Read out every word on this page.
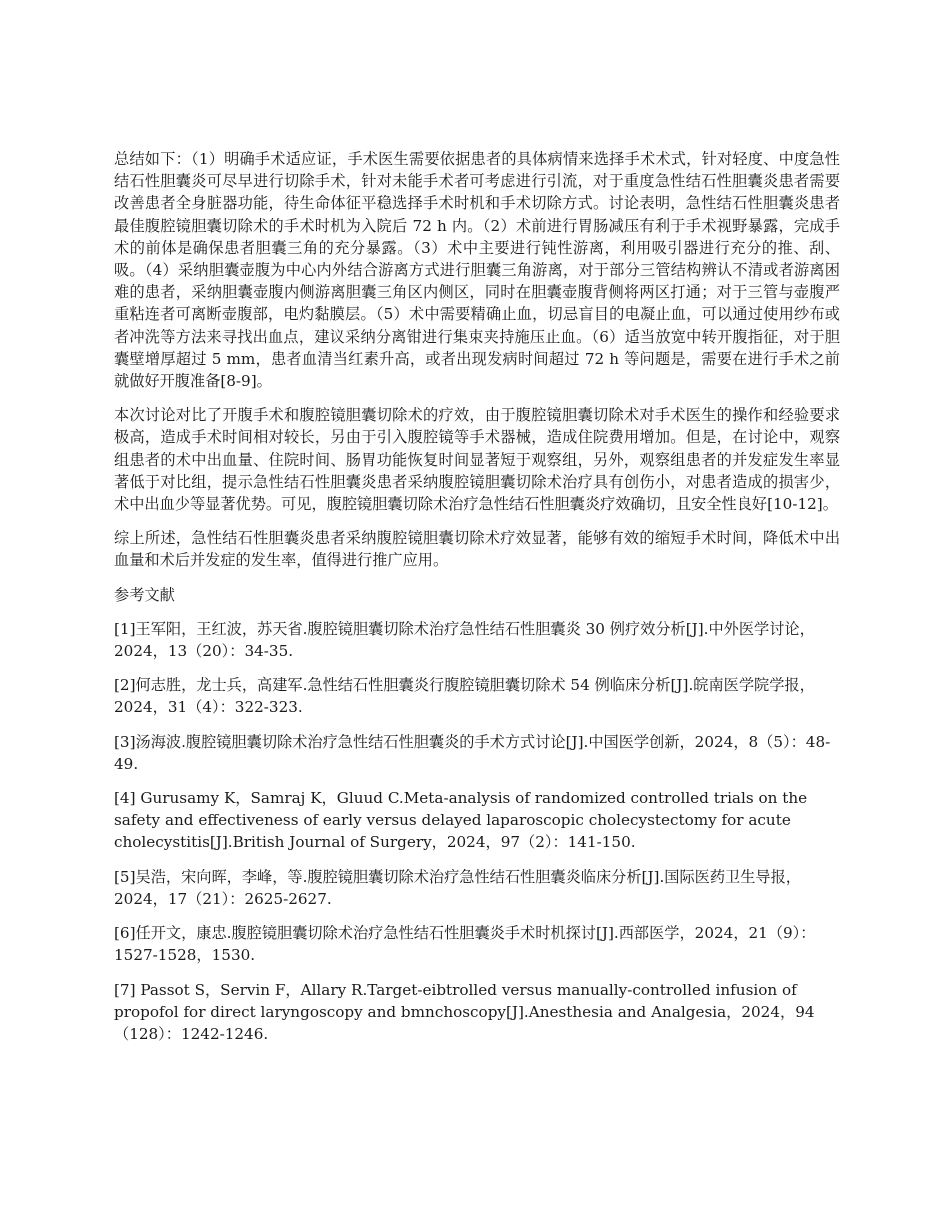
总结如下：（1）明确手术适应证，手术医生需要依据患者的具体病情来选择手术术式，针对轻度、中度急性结石性胆囊炎可尽早进行切除手术，针对未能手术者可考虑进行引流，对于重度急性结石性胆囊炎患者需要改善患者全身脏器功能，待生命体征平稳选择手术时机和手术切除方式。讨论表明，急性结石性胆囊炎患者最佳腹腔镜胆囊切除术的手术时机为入院后 72 h 内。（2）术前进行胃肠减压有利于手术视野暴露，完成手术的前体是确保患者胆囊三角的充分暴露。（3）术中主要进行钝性游离，利用吸引器进行充分的推、刮、吸。（4）采纳胆囊壶腹为中心内外结合游离方式进行胆囊三角游离，对于部分三管结构辨认不清或者游离困难的患者，采纳胆囊壶腹内侧游离胆囊三角区内侧区，同时在胆囊壶腹背侧将两区打通；对于三管与壶腹严重粘连者可离断壶腹部，电灼黏膜层。（5）术中需要精确止血，切忌盲目的电凝止血，可以通过使用纱布或者冲洗等方法来寻找出血点，建议采纳分离钳进行集束夹持施压止血。（6）适当放宽中转开腹指征，对于胆囊壁增厚超过 5 mm，患者血清当红素升高，或者出现发病时间超过 72 h 等问题是，需要在进行手术之前就做好开腹准备[8-9]。

本次讨论对比了开腹手术和腹腔镜胆囊切除术的疗效，由于腹腔镜胆囊切除术对手术医生的操作和经验要求极高，造成手术时间相对较长，另由于引入腹腔镜等手术器械，造成住院费用增加。但是，在讨论中，观察组患者的术中出血量、住院时间、肠胃功能恢复时间显著短于观察组，另外，观察组患者的并发症发生率显著低于对比组，提示急性结石性胆囊炎患者采纳腹腔镜胆囊切除术治疗具有创伤小，对患者造成的损害少，术中出血少等显著优势。可见，腹腔镜胆囊切除术治疗急性结石性胆囊炎疗效确切，且安全性良好[10-12]。

综上所述，急性结石性胆囊炎患者采纳腹腔镜胆囊切除术疗效显著，能够有效的缩短手术时间，降低术中出血量和术后并发症的发生率，值得进行推广应用。

参考文献

[1]王军阳，王红波，苏天省.腹腔镜胆囊切除术治疗急性结石性胆囊炎 30 例疗效分析[J].中外医学讨论，2024，13（20）：34-35.

[2]何志胜，龙士兵，高建军.急性结石性胆囊炎行腹腔镜胆囊切除术 54 例临床分析[J].皖南医学院学报，2024，31（4）：322-323.

[3]汤海波.腹腔镜胆囊切除术治疗急性结石性胆囊炎的手术方式讨论[J].中国医学创新，2024，8（5）：48-49.

[4] Gurusamy K，Samraj K，Gluud C.Meta-analysis of randomized controlled trials on the safety and effectiveness of early versus delayed laparoscopic cholecystectomy for acute cholecystitis[J].British Journal of Surgery，2024，97（2）：141-150.

[5]吴浩，宋向晖，李峰，等.腹腔镜胆囊切除术治疗急性结石性胆囊炎临床分析[J].国际医药卫生导报，2024，17（21）：2625-2627.

[6]任开文，康忠.腹腔镜胆囊切除术治疗急性结石性胆囊炎手术时机探讨[J].西部医学，2024，21（9）：1527-1528，1530.

[7] Passot S，Servin F，Allary R.Target-eibtrolled versus manually-controlled infusion of propofol for direct laryngoscopy and bmnchoscopy[J].Anesthesia and Analgesia，2024，94（128）：1242-1246.
